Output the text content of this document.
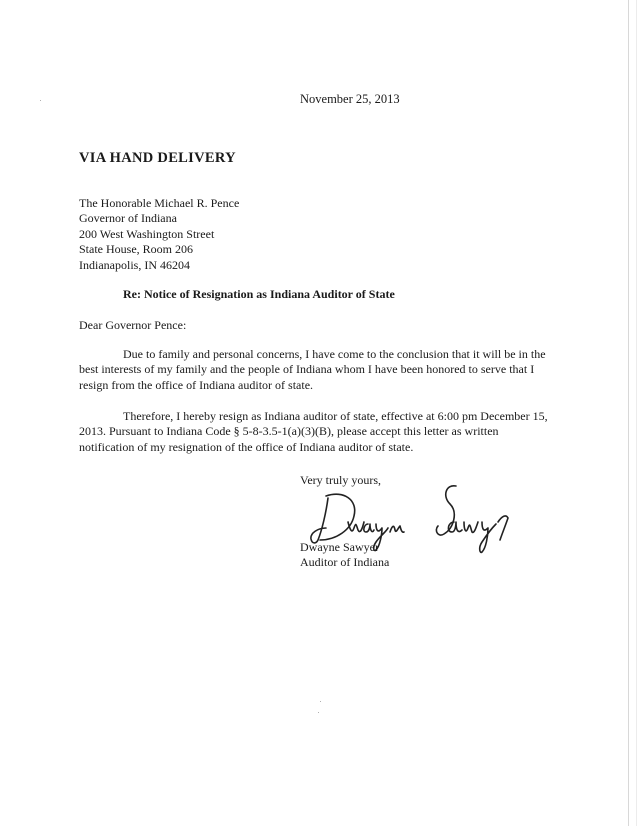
November 25, 2013
VIA HAND DELIVERY
The Honorable Michael R. Pence
Governor of Indiana
200 West Washington Street
State House, Room 206
Indianapolis, IN 46204
Re: Notice of Resignation as Indiana Auditor of State
Dear Governor Pence:
Due to family and personal concerns, I have come to the conclusion that it will be in the
best interests of my family and the people of Indiana whom I have been honored to serve that I
resign from the office of Indiana auditor of state.
Therefore, I hereby resign as Indiana auditor of state, effective at 6:00 pm December 15,
2013. Pursuant to Indiana Code § 5-8-3.5-1(a)(3)(B), please accept this letter as written
notification of my resignation of the office of Indiana auditor of state.
Very truly yours,
Dwayne Sawyer
Auditor of Indiana
